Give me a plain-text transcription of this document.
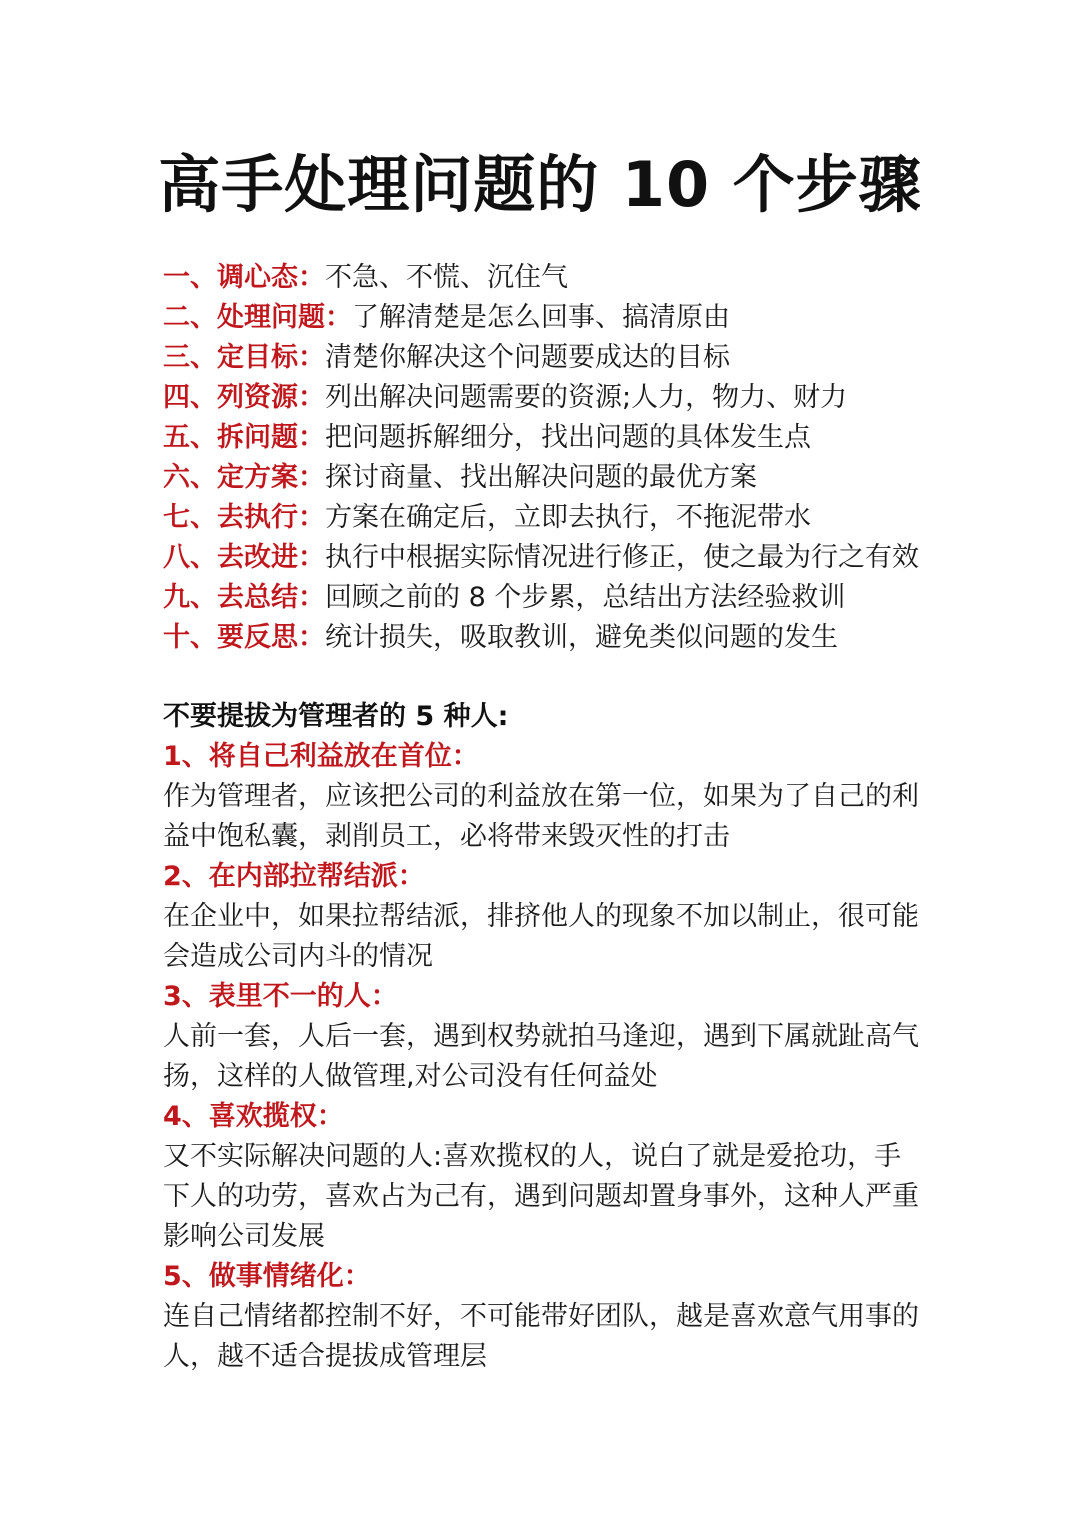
高手处理问题的 10 个步骤
一、调心态：不急、不慌、沉住气
二、处理问题：了解清楚是怎么回事、搞清原由
三、定目标：清楚你解决这个问题要成达的目标
四、列资源：列出解决问题需要的资源;人力，物力、财力
五、拆问题：把问题拆解细分，找出问题的具体发生点
六、定方案：探讨商量、找出解决问题的最优方案
七、去执行：方案在确定后，立即去执行，不拖泥带水
八、去改进：执行中根据实际情况进行修正，使之最为行之有效
九、去总结：回顾之前的 8 个步累，总结出方法经验救训
十、要反思：统计损失，吸取教训，避免类似问题的发生
不要提拔为管理者的 5 种人:
1、将自己利益放在首位：
作为管理者，应该把公司的利益放在第一位，如果为了自己的利益中饱私囊，剥削员工，必将带来毁灭性的打击
2、在内部拉帮结派：
在企业中，如果拉帮结派，排挤他人的现象不加以制止，很可能会造成公司内斗的情况
3、表里不一的人：
人前一套，人后一套，遇到权势就拍马逢迎，遇到下属就趾高气扬，这样的人做管理,对公司没有任何益处
4、喜欢揽权：
又不实际解决问题的人:喜欢揽权的人，说白了就是爱抢功，手下人的功劳，喜欢占为己有，遇到问题却置身事外，这种人严重影响公司发展
5、做事情绪化：
连自己情绪都控制不好，不可能带好团队，越是喜欢意气用事的人，越不适合提拔成管理层
